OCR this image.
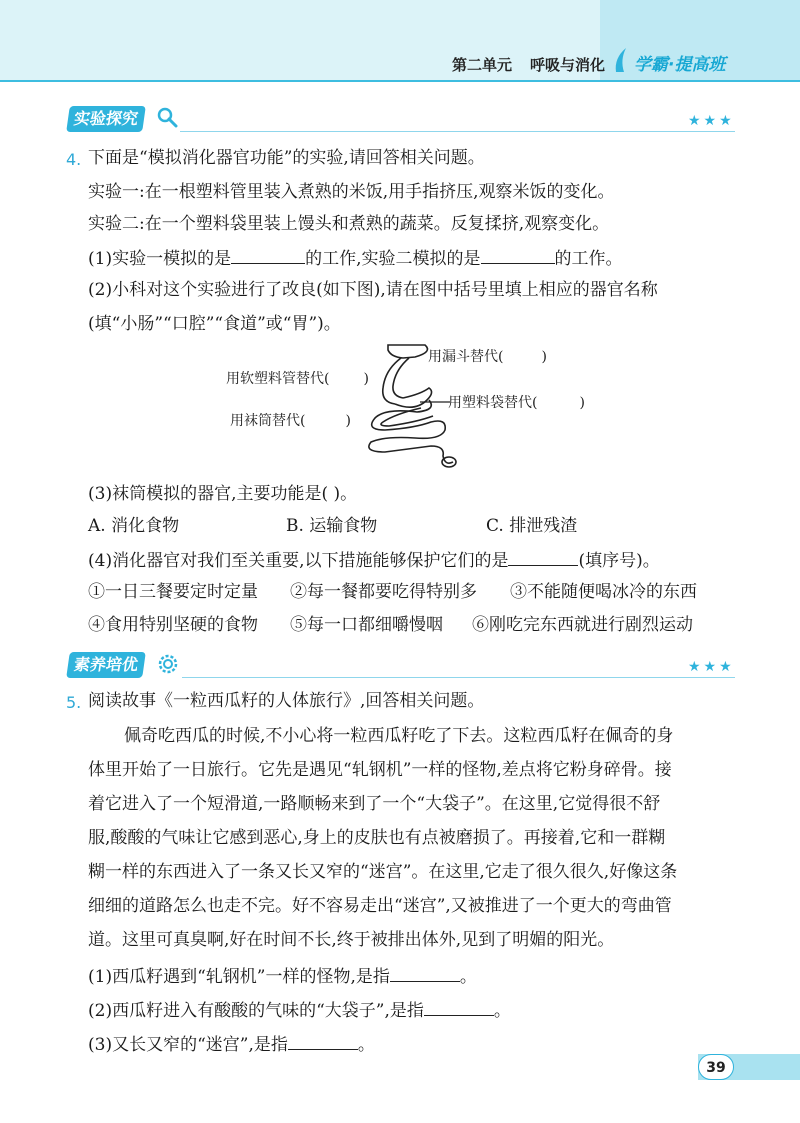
第二单元 呼吸与消化 学霸·提高班
实验探究	★★★
4. 下面是“模拟消化器官功能”的实验,请回答相关问题。
实验一:在一根塑料管里装入煮熟的米饭,用手指挤压,观察米饭的变化。
实验二:在一个塑料袋里装上馒头和煮熟的蔬菜。反复揉挤,观察变化。
(1)实验一模拟的是	的工作,实验二模拟的是	的工作。
(2)小科对这个实验进行了改良(如下图),请在图中括号里填上相应的器官名称
(填“小肠”“口腔”“食道”或“胃”)。
用漏斗替代(	)
用软塑料管替代( )
用塑料袋替代(	)
用袜筒替代(	)
(3)袜筒模拟的器官,主要功能是( )。
A. 消化食物	B. 运输食物	C. 排泄残渣
(4)消化器官对我们至关重要,以下措施能够保护它们的是	(填序号)。
①一日三餐要定时定量 ②每一餐都要吃得特别多 ③不能随便喝冰冷的东西
④食用特别坚硬的食物 ⑤每一口都细嚼慢咽 ⑥刚吃完东西就进行剧烈运动
素养培优	★★★
5. 阅读故事《一粒西瓜籽的人体旅行》,回答相关问题。
佩奇吃西瓜的时候,不小心将一粒西瓜籽吃了下去。这粒西瓜籽在佩奇的身
体里开始了一日旅行。它先是遇见“轧钢机”一样的怪物,差点将它粉身碎骨。接
着它进入了一个短滑道,一路顺畅来到了一个“大袋子”。在这里,它觉得很不舒
服,酸酸的气味让它感到恶心,身上的皮肤也有点被磨损了。再接着,它和一群糊
糊一样的东西进入了一条又长又窄的“迷宫”。在这里,它走了很久很久,好像这条
细细的道路怎么也走不完。好不容易走出“迷宫”,又被推进了一个更大的弯曲管
道。这里可真臭啊,好在时间不长,终于被排出体外,见到了明媚的阳光。
(1)西瓜籽遇到“轧钢机”一样的怪物,是指	。
(2)西瓜籽进入有酸酸的气味的“大袋子”,是指	。
(3)又长又窄的“迷宫”,是指	。
39
